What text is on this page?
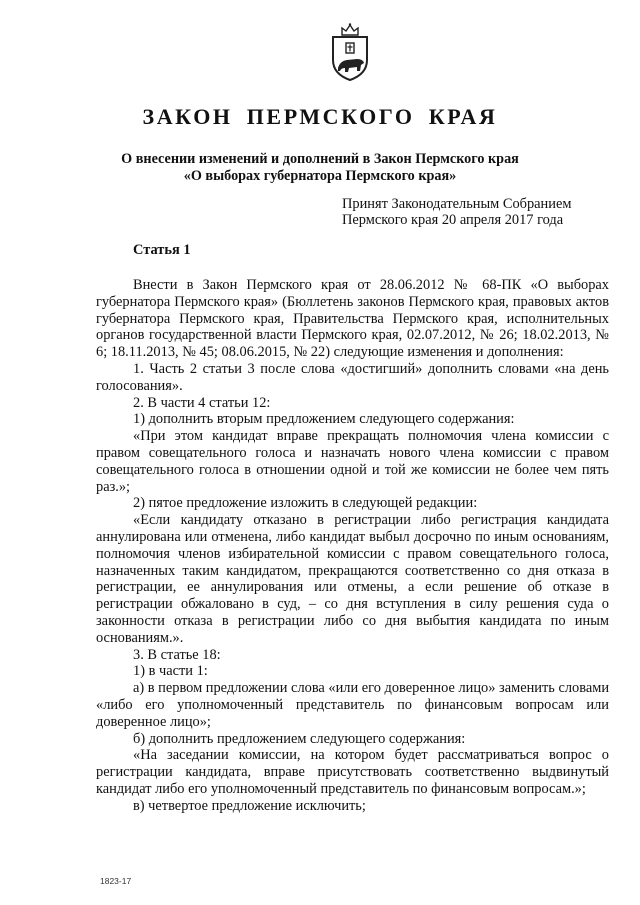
ЗАКОН ПЕРМСКОГО КРАЯ
О внесении изменений и дополнений в Закон Пермского края
«О выборах губернатора Пермского края»
Принят Законодательным Собранием
Пермского края 20 апреля 2017 года
Статья 1

Внести в Закон Пермского края от 28.06.2012 № 68-ПК «О выборах губернатора Пермского края» (Бюллетень законов Пермского края, правовых актов губернатора Пермского края, Правительства Пермского края, исполнительных органов государственной власти Пермского края, 02.07.2012, № 26; 18.02.2013, № 6; 18.11.2013, № 45; 08.06.2015, № 22) следующие изменения и дополнения:

1. Часть 2 статьи 3 после слова «достигший» дополнить словами «на день голосования».

2. В части 4 статьи 12:

1) дополнить вторым предложением следующего содержания:

«При этом кандидат вправе прекращать полномочия члена комиссии с правом совещательного голоса и назначать нового члена комиссии с правом совещательного голоса в отношении одной и той же комиссии не более чем пять раз.»;

2) пятое предложение изложить в следующей редакции:

«Если кандидату отказано в регистрации либо регистрация кандидата аннулирована или отменена, либо кандидат выбыл досрочно по иным основаниям, полномочия членов избирательной комиссии с правом совещательного голоса, назначенных таким кандидатом, прекращаются соответственно со дня отказа в регистрации, ее аннулирования или отмены, а если решение об отказе в регистрации обжаловано в суд, – со дня вступления в силу решения суда о законности отказа в регистрации либо со дня выбытия кандидата по иным основаниям.».

3. В статье 18:

1) в части 1:

а) в первом предложении слова «или его доверенное лицо» заменить словами «либо его уполномоченный представитель по финансовым вопросам или доверенное лицо»;

б) дополнить предложением следующего содержания:

«На заседании комиссии, на котором будет рассматриваться вопрос о регистрации кандидата, вправе присутствовать соответственно выдвинутый кандидат либо его уполномоченный представитель по финансовым вопросам.»;

в) четвертое предложение исключить;

1823-17
